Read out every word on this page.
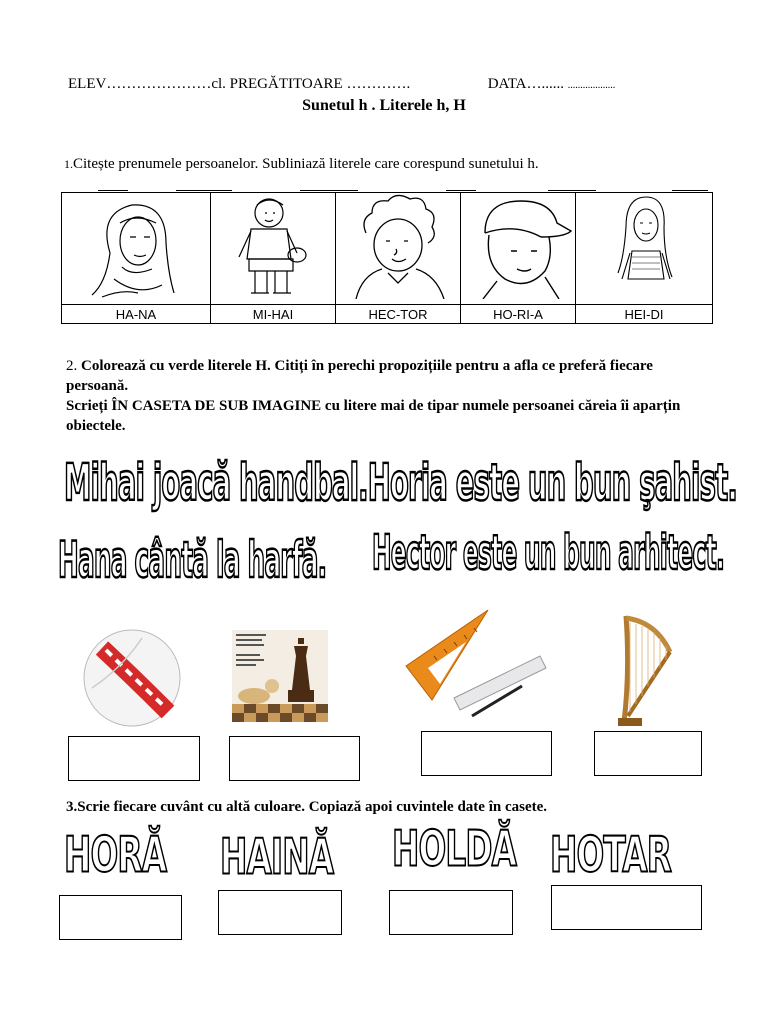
ELEV…………………cl. PREGĂTITOARE ………….	DATA…...... ...................
Sunetul h . Literele h, H
1.Citește prenumele persoanelor. Subliniază literele care corespund sunetului h.

HA-NA	MI-HAI	HEC-TOR	HO-RI-A	HEI-DI
2. Colorează cu verde literele H. Citiți în perechi propozițiile pentru a afla ce preferă fiecare persoană.
Scrieți ÎN CASETA DE SUB IMAGINE cu litere mai de tipar numele persoanei căreia îi aparțin obiectele.
Mihai joacă handbal.Horia este un bun şahist.
Hana cântă la harfă. Hector este un bun arhitect.
3.Scrie fiecare cuvânt cu altă culoare. Copiază apoi cuvintele date în casete.
HORĂ HAINĂ HOLDĂ HOTAR
